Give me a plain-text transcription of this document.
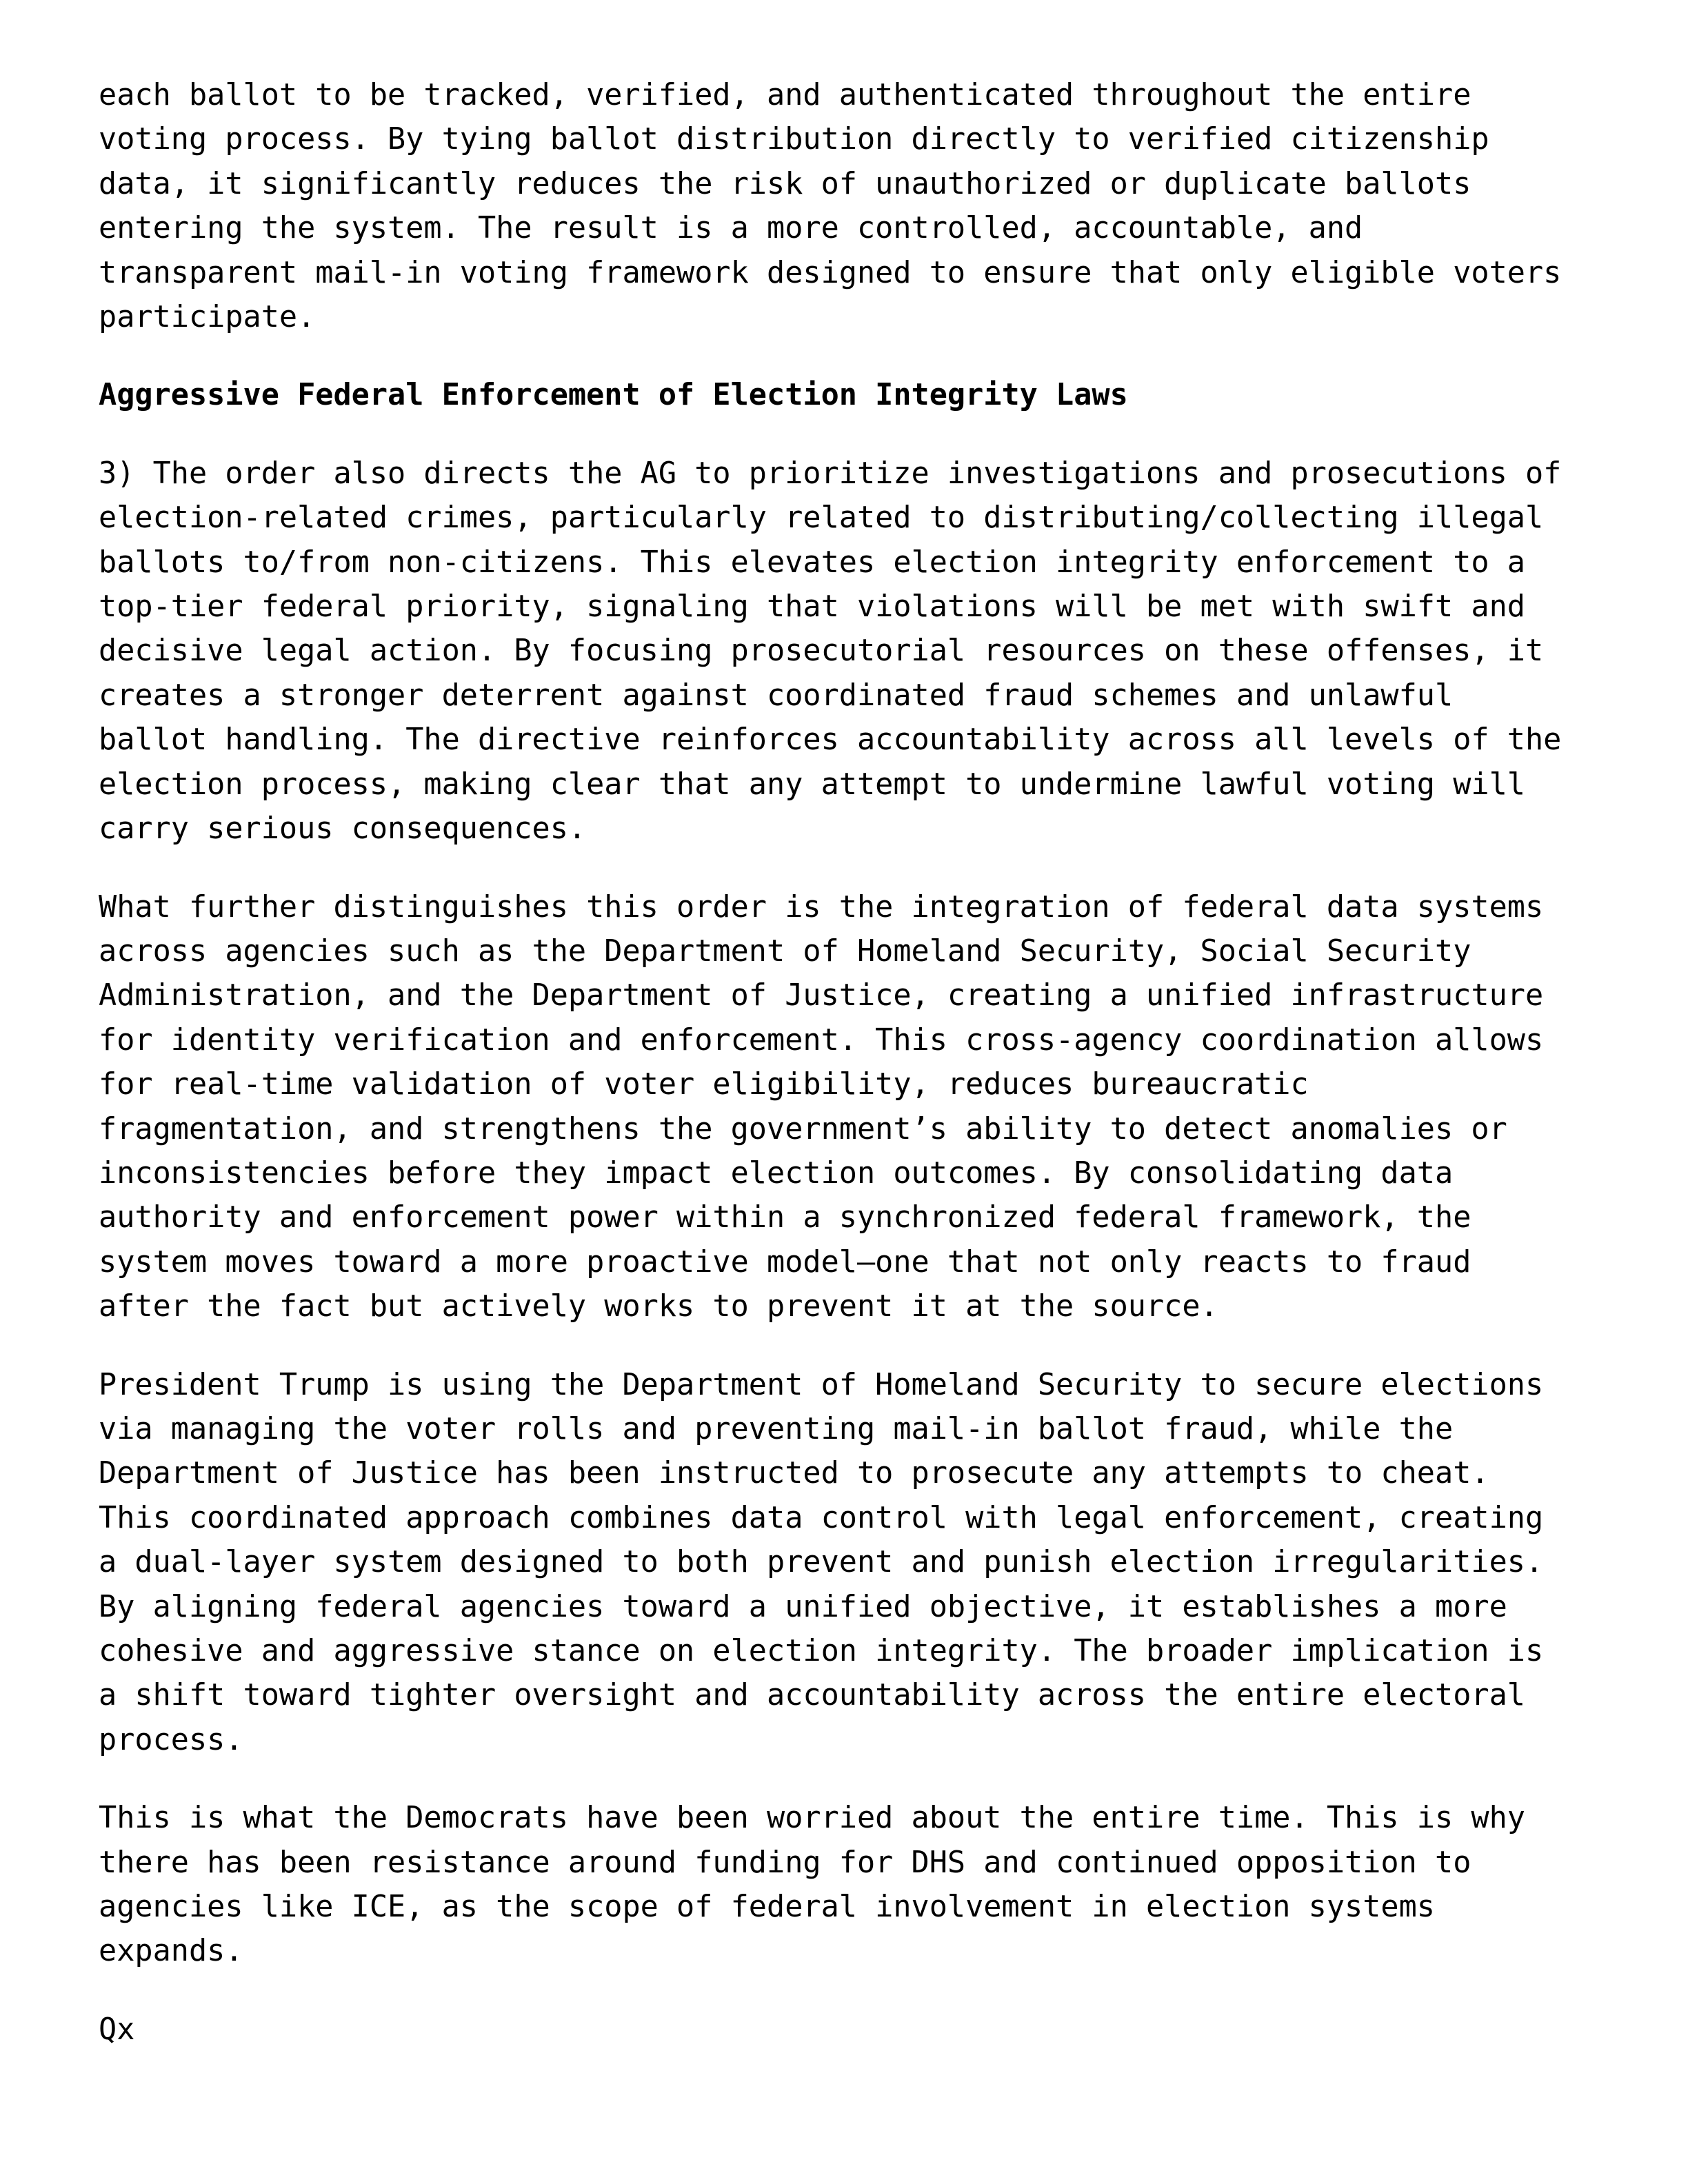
each ballot to be tracked, verified, and authenticated throughout the entire
voting process. By tying ballot distribution directly to verified citizenship
data, it significantly reduces the risk of unauthorized or duplicate ballots
entering the system. The result is a more controlled, accountable, and
transparent mail-in voting framework designed to ensure that only eligible voters
participate.

Aggressive Federal Enforcement of Election Integrity Laws

3) The order also directs the AG to prioritize investigations and prosecutions of
election-related crimes, particularly related to distributing/collecting illegal
ballots to/from non-citizens. This elevates election integrity enforcement to a
top-tier federal priority, signaling that violations will be met with swift and
decisive legal action. By focusing prosecutorial resources on these offenses, it
creates a stronger deterrent against coordinated fraud schemes and unlawful
ballot handling. The directive reinforces accountability across all levels of the
election process, making clear that any attempt to undermine lawful voting will
carry serious consequences.

What further distinguishes this order is the integration of federal data systems
across agencies such as the Department of Homeland Security, Social Security
Administration, and the Department of Justice, creating a unified infrastructure
for identity verification and enforcement. This cross-agency coordination allows
for real-time validation of voter eligibility, reduces bureaucratic
fragmentation, and strengthens the government’s ability to detect anomalies or
inconsistencies before they impact election outcomes. By consolidating data
authority and enforcement power within a synchronized federal framework, the
system moves toward a more proactive model—one that not only reacts to fraud
after the fact but actively works to prevent it at the source.

President Trump is using the Department of Homeland Security to secure elections
via managing the voter rolls and preventing mail-in ballot fraud, while the
Department of Justice has been instructed to prosecute any attempts to cheat.
This coordinated approach combines data control with legal enforcement, creating
a dual-layer system designed to both prevent and punish election irregularities.
By aligning federal agencies toward a unified objective, it establishes a more
cohesive and aggressive stance on election integrity. The broader implication is
a shift toward tighter oversight and accountability across the entire electoral
process.

This is what the Democrats have been worried about the entire time. This is why
there has been resistance around funding for DHS and continued opposition to
agencies like ICE, as the scope of federal involvement in election systems
expands.

Qx
